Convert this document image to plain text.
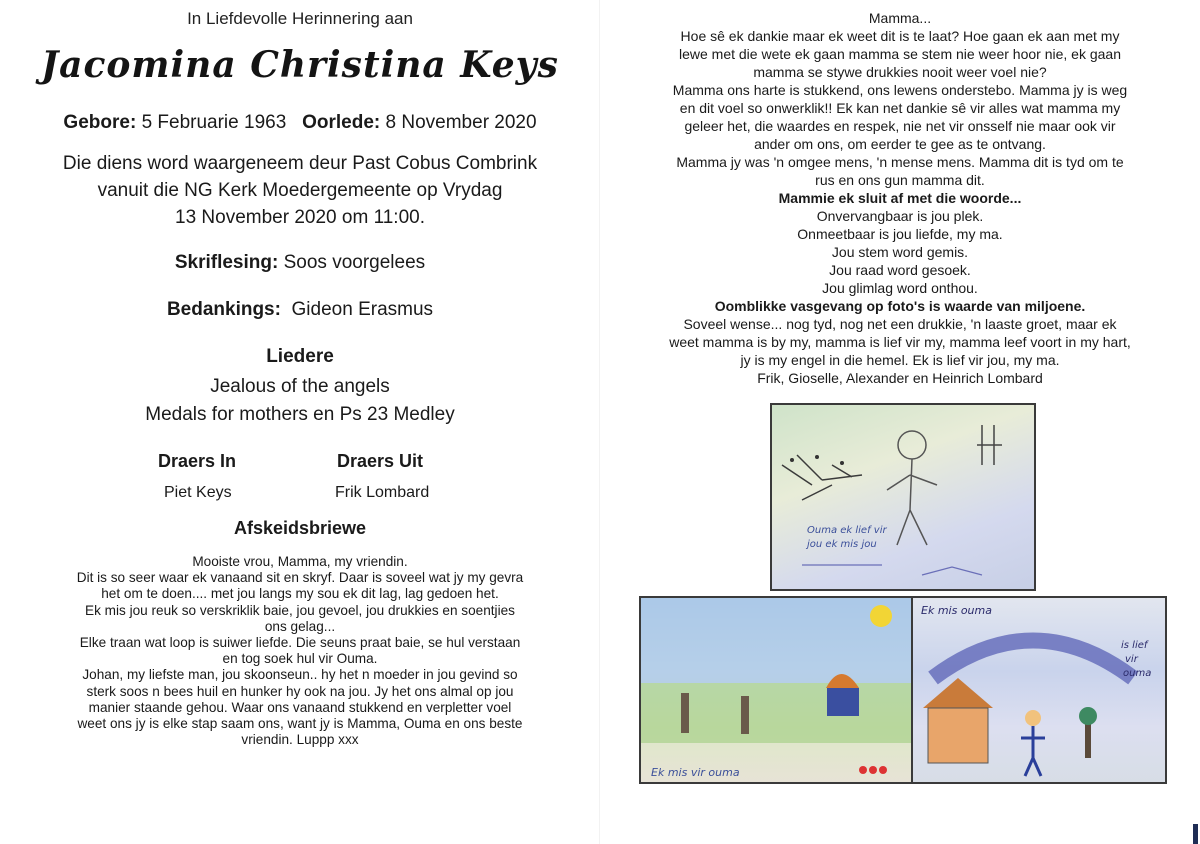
In Liefdevolle Herinnering aan
Jacomina Christina Keys
Gebore: 5 Februarie 1963 Oorlede: 8 November 2020
Die diens word waargeneem deur Past Cobus Combrink
vanuit die NG Kerk Moedergemeente op Vrydag
13 November 2020 om 11:00.
Skriflesing: Soos voorgelees
Bedankings: Gideon Erasmus
Liedere
Jealous of the angels
Medals for mothers en Ps 23 Medley
Draers In	Draers Uit
Piet Keys	Frik Lombard
Afskeidsbriewe
Mooiste vrou, Mamma, my vriendin.
Dit is so seer waar ek vanaand sit en skryf. Daar is soveel wat jy my gevra
het om te doen.... met jou langs my sou ek dit lag, lag gedoen het.
Ek mis jou reuk so verskriklik baie, jou gevoel, jou drukkies en soentjies
ons gelag...
Elke traan wat loop is suiwer liefde. Die seuns praat baie, se hul verstaan
en tog soek hul vir Ouma.
Johan, my liefste man, jou skoonseun.. hy het n moeder in jou gevind so
sterk soos n bees huil en hunker hy ook na jou. Jy het ons almal op jou
manier staande gehou. Waar ons vanaand stukkend en verpletter voel
weet ons jy is elke stap saam ons, want jy is Mamma, Ouma en ons beste
vriendin. Luppp xxx
Mamma...
Hoe sê ek dankie maar ek weet dit is te laat? Hoe gaan ek aan met my
lewe met die wete ek gaan mamma se stem nie weer hoor nie, ek gaan
mamma se stywe drukkies nooit weer voel nie?
Mamma ons harte is stukkend, ons lewens onderstebo. Mamma jy is weg
en dit voel so onwerklik!! Ek kan net dankie sê vir alles wat mamma my
geleer het, die waardes en respek, nie net vir onsself nie maar ook vir
ander om ons, om eerder te gee as te ontvang.
Mamma jy was 'n omgee mens, 'n mense mens. Mamma dit is tyd om te
rus en ons gun mamma dit.
Mammie ek sluit af met die woorde...
Onvervangbaar is jou plek.
Onmeetbaar is jou liefde, my ma.
Jou stem word gemis.
Jou raad word gesoek.
Jou glimlag word onthou.
Oomblikke vasgevang op foto's is waarde van miljoene.
Soveel wense... nog tyd, nog net een drukkie, 'n laaste groet, maar ek
weet mamma is by my, mamma is lief vir my, mamma leef voort in my hart,
jy is my engel in die hemel. Ek is lief vir jou, my ma.
Frik, Gioselle, Alexander en Heinrich Lombard
Ouma ek lief vir
jou ek mis jou
Ek mis vir ouma
Ek mis ouma
is lief
vir
ouma
